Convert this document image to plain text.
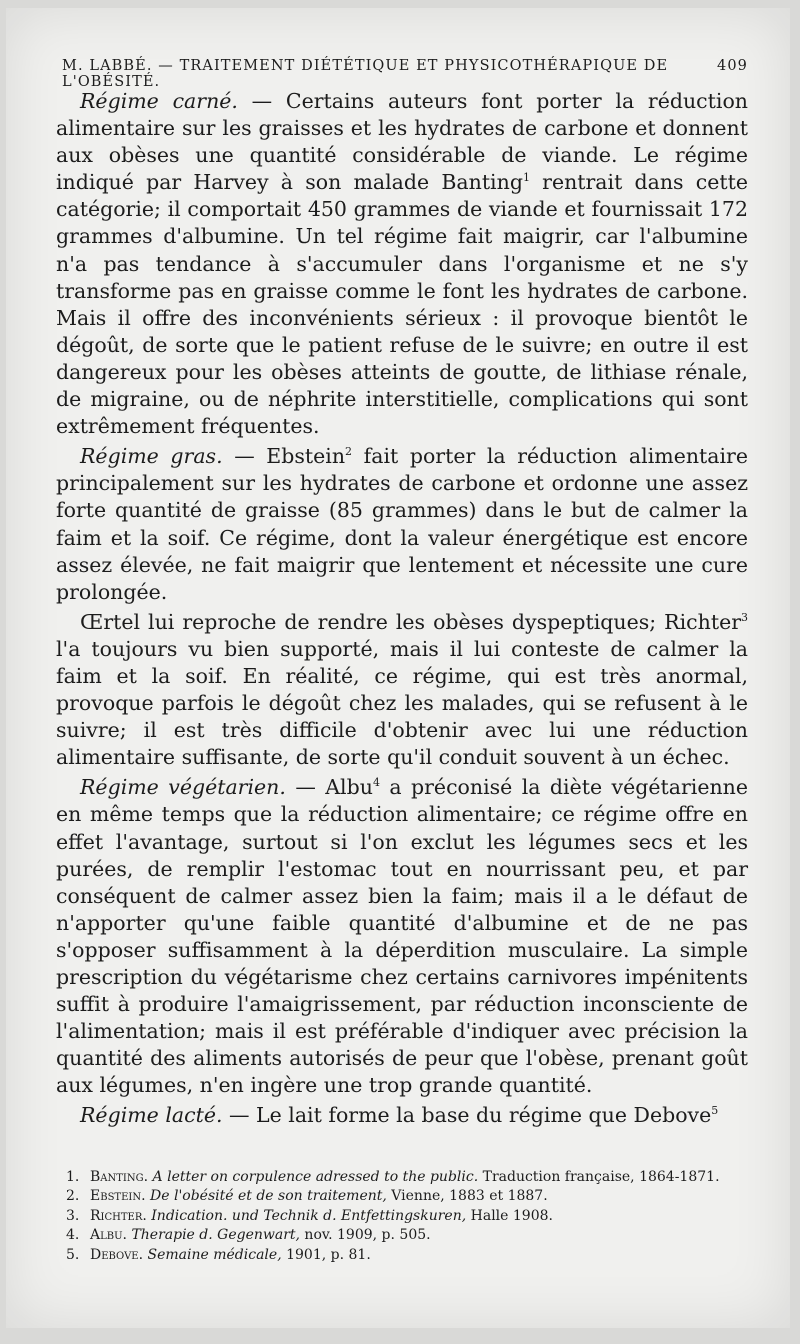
M. LABBÉ. — TRAITEMENT DIÉTÉTIQUE ET PHYSICOTHÉRAPIQUE DE L'OBÉSITÉ.
409

Régime carné. — Certains auteurs font porter la réduction alimentaire sur les graisses et les hydrates de carbone et donnent aux obèses une quantité considérable de viande. Le régime indiqué par Harvey à son malade Banting$^1$ rentrait dans cette catégorie; il comportait 450 grammes de viande et fournissait 172 grammes d'albumine. Un tel régime fait maigrir, car l'albumine n'a pas tendance à s'accumuler dans l'organisme et ne s'y transforme pas en graisse comme le font les hydrates de carbone. Mais il offre des inconvénients sérieux : il provoque bientôt le dégoût, de sorte que le patient refuse de le suivre; en outre il est dangereux pour les obèses atteints de goutte, de lithiase rénale, de migraine, ou de néphrite interstitielle, complications qui sont extrêmement fréquentes.

Régime gras. — Ebstein$^2$ fait porter la réduction alimentaire principalement sur les hydrates de carbone et ordonne une assez forte quantité de graisse (85 grammes) dans le but de calmer la faim et la soif. Ce régime, dont la valeur énergétique est encore assez élevée, ne fait maigrir que lentement et nécessite une cure prolongée.

Œrtel lui reproche de rendre les obèses dyspeptiques; Richter$^3$ l'a toujours vu bien supporté, mais il lui conteste de calmer la faim et la soif. En réalité, ce régime, qui est très anormal, provoque parfois le dégoût chez les malades, qui se refusent à le suivre; il est très difficile d'obtenir avec lui une réduction alimentaire suffisante, de sorte qu'il conduit souvent à un échec.

Régime végétarien. — Albu$^4$ a préconisé la diète végétarienne en même temps que la réduction alimentaire; ce régime offre en effet l'avantage, surtout si l'on exclut les légumes secs et les purées, de remplir l'estomac tout en nourrissant peu, et par conséquent de calmer assez bien la faim; mais il a le défaut de n'apporter qu'une faible quantité d'albumine et de ne pas s'opposer suffisamment à la déperdition musculaire. La simple prescription du végétarisme chez certains carnivores impénitents suffit à produire l'amaigrissement, par réduction inconsciente de l'alimentation; mais il est préférable d'indiquer avec précision la quantité des aliments autorisés de peur que l'obèse, prenant goût aux légumes, n'en ingère une trop grande quantité.

Régime lacté. — Le lait forme la base du régime que Debove$^5$

1. Banting. A letter on corpulence adressed to the public. Traduction française, 1864-1871.
2. Ebstein. De l'obésité et de son traitement, Vienne, 1883 et 1887.
3. Richter. Indication. und Technik d. Entfettingskuren, Halle 1908.
4. Albu. Therapie d. Gegenwart, nov. 1909, p. 505.
5. Debove. Semaine médicale, 1901, p. 81.
